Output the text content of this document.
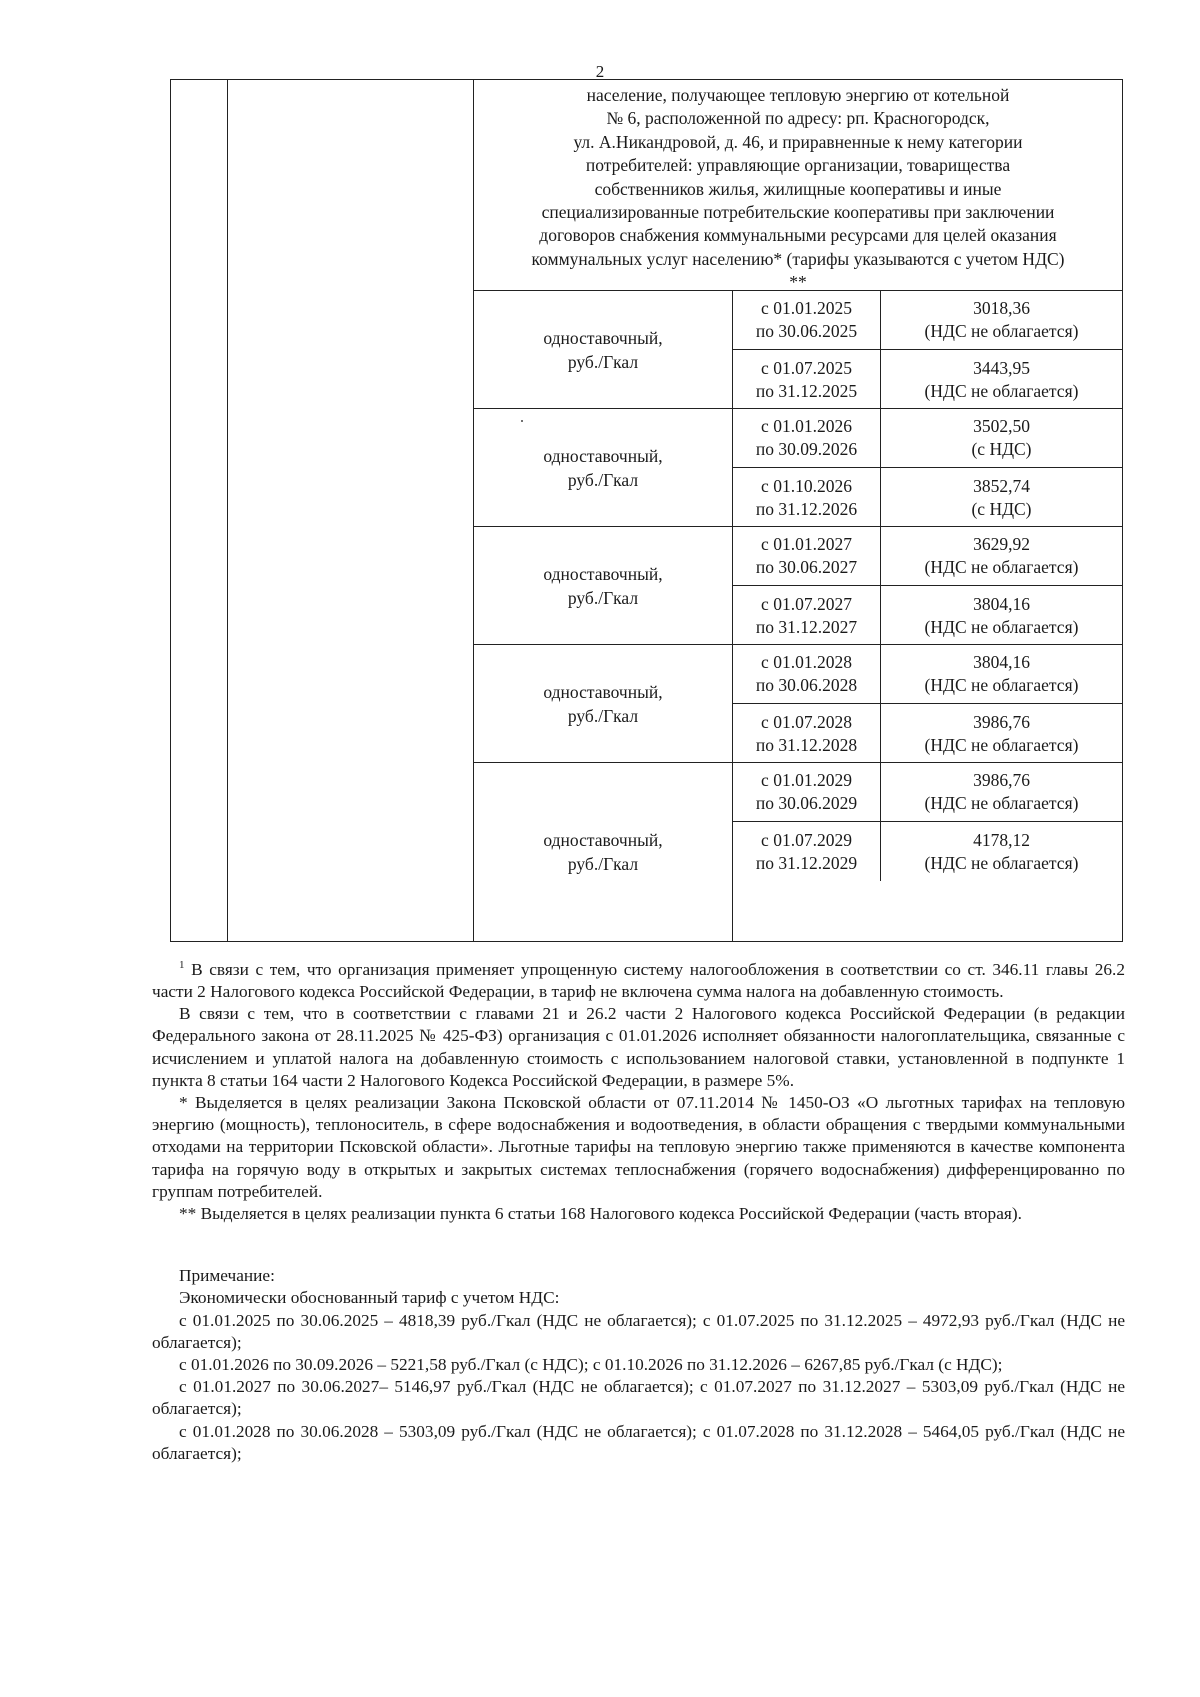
2
население, получающее тепловую энергию от котельной
№ 6, расположенной по адресу: рп. Красногородск,
ул. А.Никандровой, д. 46, и приравненные к нему категории
потребителей: управляющие организации, товарищества
собственников жилья, жилищные кооперативы и иные
специализированные потребительские кооперативы при заключении
договоров снабжения коммунальными ресурсами для целей оказания
коммунальных услуг населению* (тарифы указываются с учетом НДС)
**
одноставочный,
руб./Гкал
с 01.01.2025
по 30.06.2025
3018,36
(НДС не облагается)
с 01.07.2025
по 31.12.2025
3443,95
(НДС не облагается)
одноставочный,
руб./Гкал
с 01.01.2026
по 30.09.2026
3502,50
(с НДС)
с 01.10.2026
по 31.12.2026
3852,74
(с НДС)
одноставочный,
руб./Гкал
с 01.01.2027
по 30.06.2027
3629,92
(НДС не облагается)
с 01.07.2027
по 31.12.2027
3804,16
(НДС не облагается)
одноставочный,
руб./Гкал
с 01.01.2028
по 30.06.2028
3804,16
(НДС не облагается)
с 01.07.2028
по 31.12.2028
3986,76
(НДС не облагается)
одноставочный,
руб./Гкал
с 01.01.2029
по 30.06.2029
3986,76
(НДС не облагается)
с 01.07.2029
по 31.12.2029
4178,12
(НДС не облагается)

$^1$ В связи с тем, что организация применяет упрощенную систему налогообложения в соответствии со ст. 346.11 главы 26.2 части 2 Налогового кодекса Российской Федерации, в тариф не включена сумма налога на добавленную стоимость.

В связи с тем, что в соответствии с главами 21 и 26.2 части 2 Налогового кодекса Российской Федерации (в редакции Федерального закона от 28.11.2025 № 425-ФЗ) организация с 01.01.2026 исполняет обязанности налогоплательщика, связанные с исчислением и уплатой налога на добавленную стоимость с использованием налоговой ставки, установленной в подпункте 1 пункта 8 статьи 164 части 2 Налогового Кодекса Российской Федерации, в размере 5%.

* Выделяется в целях реализации Закона Псковской области от 07.11.2014 № 1450-ОЗ «О льготных тарифах на тепловую энергию (мощность), теплоноситель, в сфере водоснабжения и водоотведения, в области обращения с твердыми коммунальными отходами на территории Псковской области». Льготные тарифы на тепловую энергию также применяются в качестве компонента тарифа на горячую воду в открытых и закрытых системах теплоснабжения (горячего водоснабжения) дифференцированно по группам потребителей.

** Выделяется в целях реализации пункта 6 статьи 168 Налогового кодекса Российской Федерации (часть вторая).

Примечание:

Экономически обоснованный тариф с учетом НДС:

с 01.01.2025 по 30.06.2025 – 4818,39 руб./Гкал (НДС не облагается); с 01.07.2025 по 31.12.2025 – 4972,93 руб./Гкал (НДС не облагается);

с 01.01.2026 по 30.09.2026 – 5221,58 руб./Гкал (с НДС); с 01.10.2026 по 31.12.2026 – 6267,85 руб./Гкал (с НДС);

с 01.01.2027 по 30.06.2027– 5146,97 руб./Гкал (НДС не облагается); с 01.07.2027 по 31.12.2027 – 5303,09 руб./Гкал (НДС не облагается);

с 01.01.2028 по 30.06.2028 – 5303,09 руб./Гкал (НДС не облагается); с 01.07.2028 по 31.12.2028 – 5464,05 руб./Гкал (НДС не облагается);
